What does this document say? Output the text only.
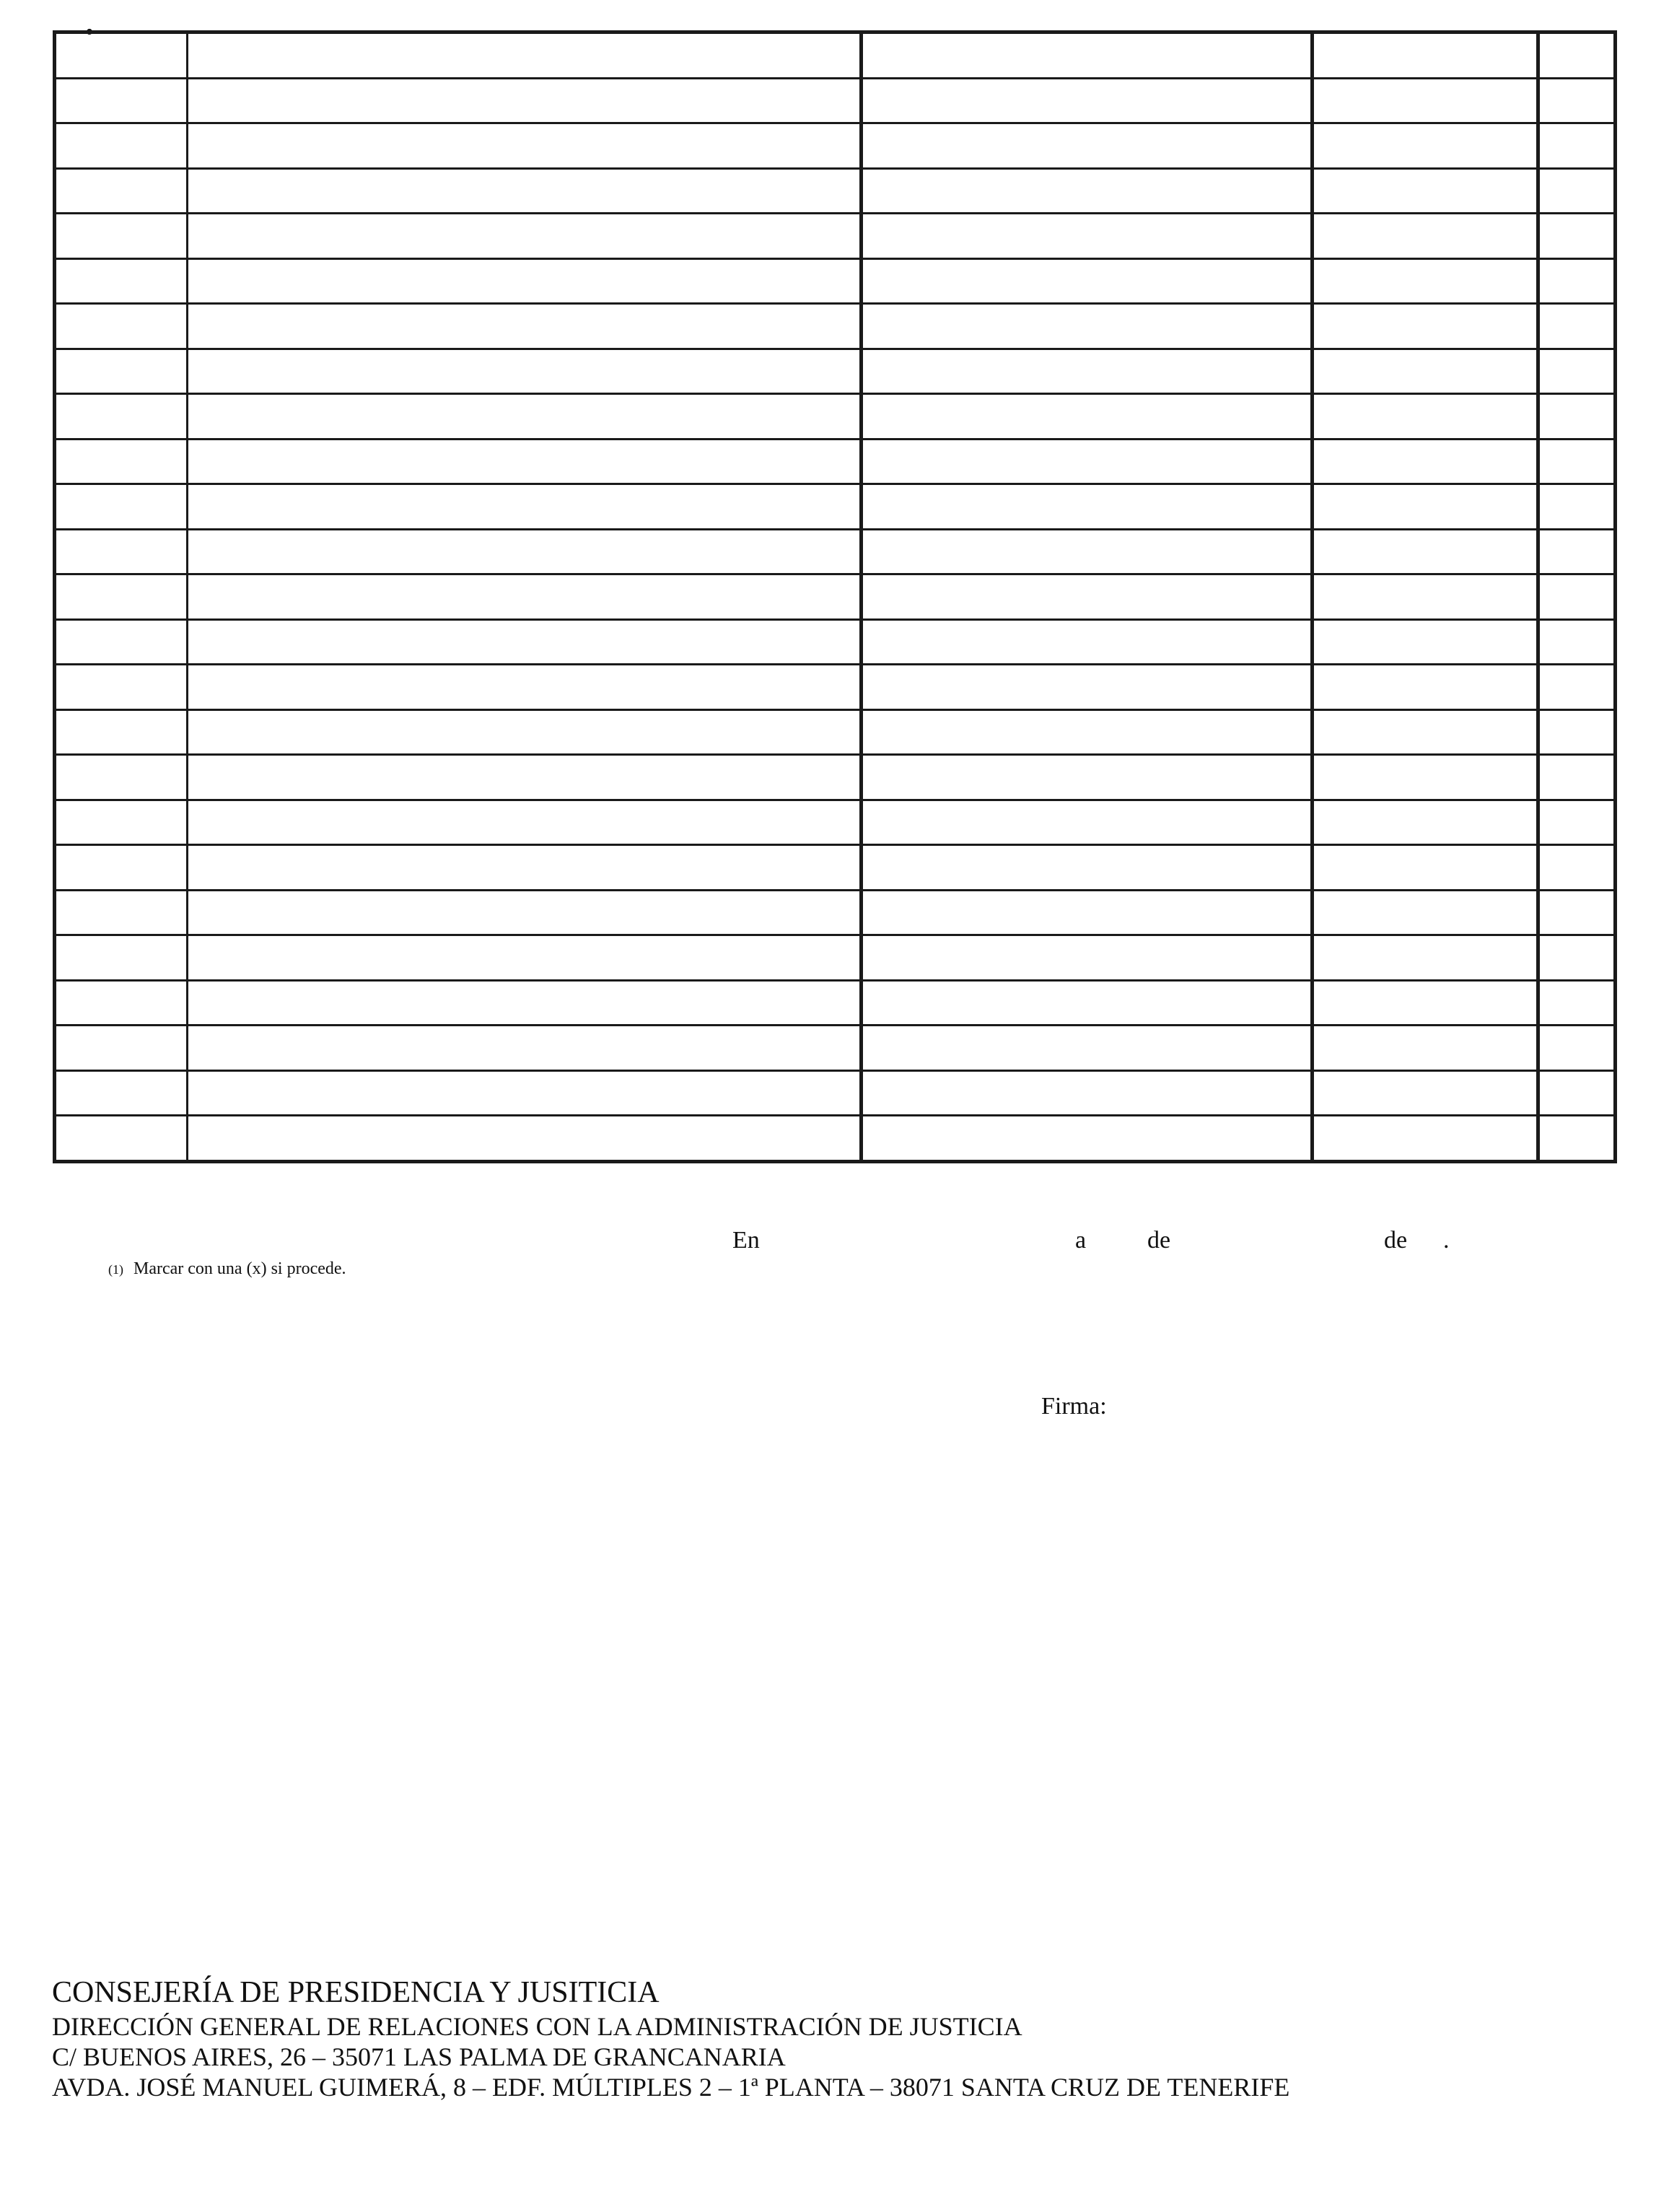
•

En	a de	de .
(1) Marcar con una (x) si procede.
Firma:
CONSEJERÍA DE PRESIDENCIA Y JUSITICIA
DIRECCIÓN GENERAL DE RELACIONES CON LA ADMINISTRACIÓN DE JUSTICIA
C/ BUENOS AIRES, 26 – 35071 LAS PALMA DE GRANCANARIA
AVDA. JOSÉ MANUEL GUIMERÁ, 8 – EDF. MÚLTIPLES 2 – 1ª PLANTA – 38071 SANTA CRUZ DE TENERIFE
